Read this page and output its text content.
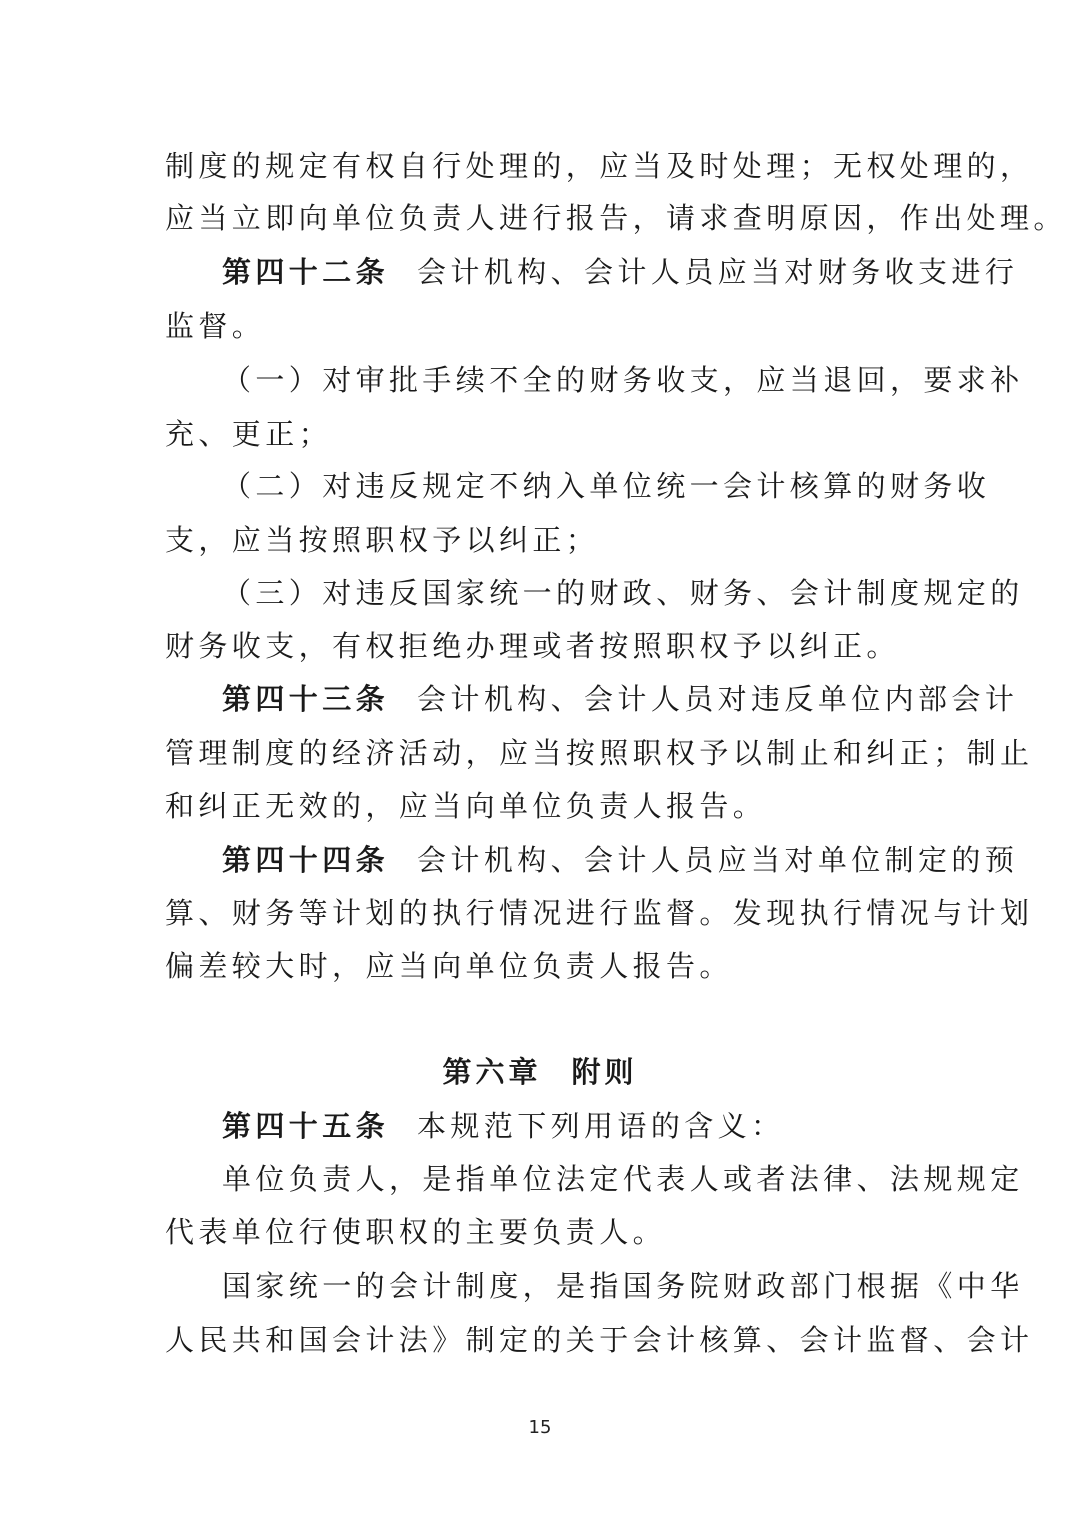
制度的规定有权自行处理的，应当及时处理；无权处理的，
应当立即向单位负责人进行报告，请求查明原因，作出处理。
第四十二条 会计机构、会计人员应当对财务收支进行
监督。
（一）对审批手续不全的财务收支，应当退回，要求补
充、更正；
（二）对违反规定不纳入单位统一会计核算的财务收
支，应当按照职权予以纠正；
（三）对违反国家统一的财政、财务、会计制度规定的
财务收支，有权拒绝办理或者按照职权予以纠正。
第四十三条 会计机构、会计人员对违反单位内部会计
管理制度的经济活动，应当按照职权予以制止和纠正；制止
和纠正无效的，应当向单位负责人报告。
第四十四条 会计机构、会计人员应当对单位制定的预
算、财务等计划的执行情况进行监督。发现执行情况与计划
偏差较大时，应当向单位负责人报告。
第六章 附则
第四十五条 本规范下列用语的含义：
单位负责人，是指单位法定代表人或者法律、法规规定
代表单位行使职权的主要负责人。
国家统一的会计制度，是指国务院财政部门根据《中华
人民共和国会计法》制定的关于会计核算、会计监督、会计
15
